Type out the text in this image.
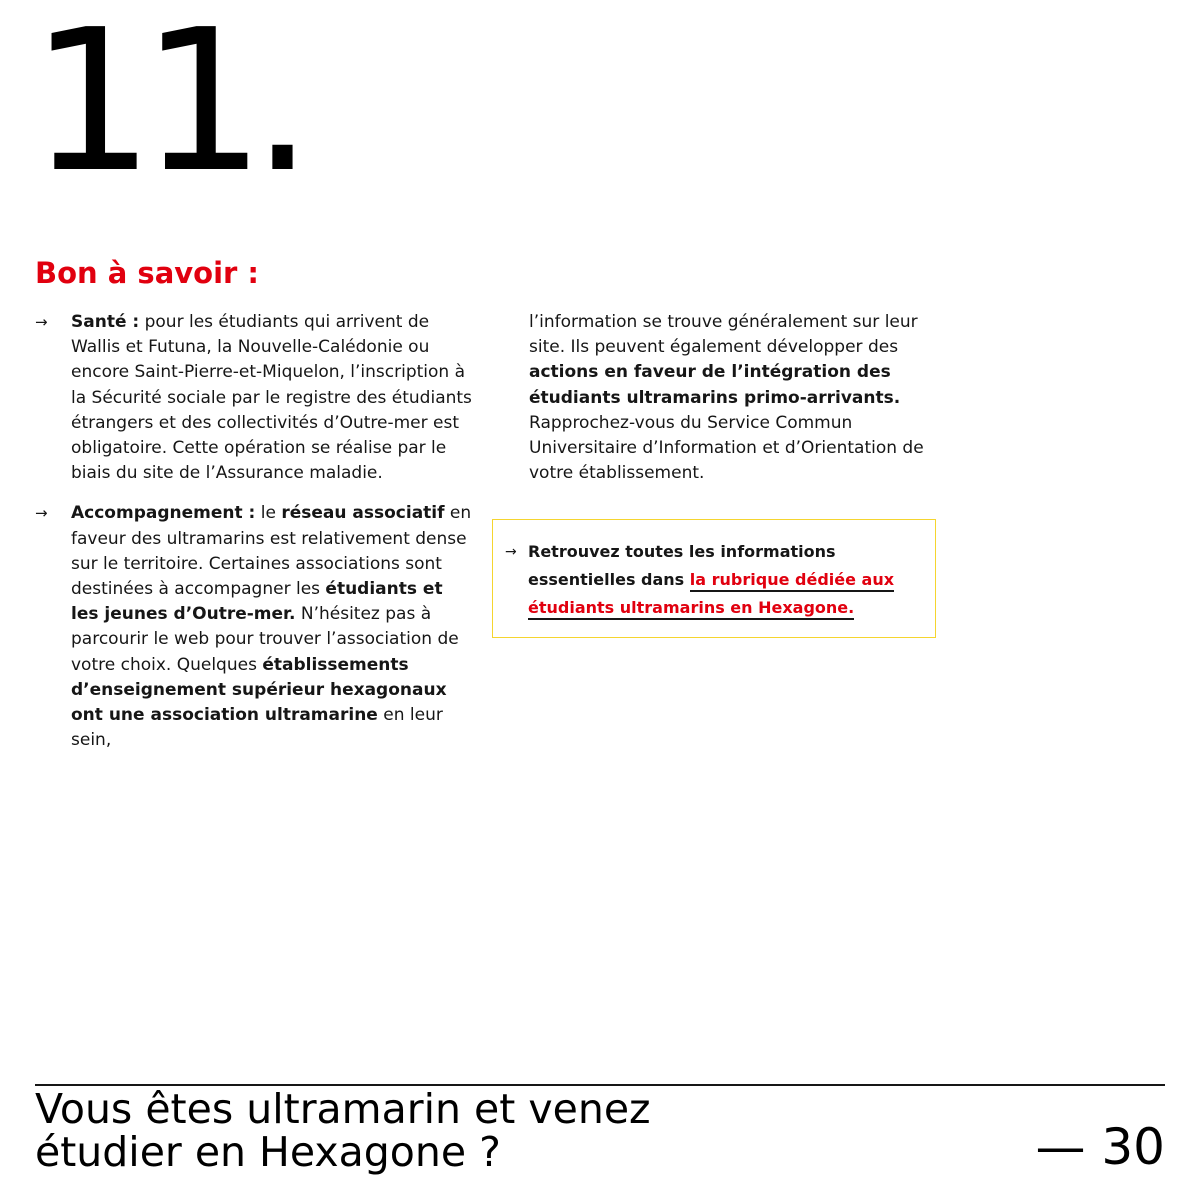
11.
Bon à savoir :
→ Santé : pour les étudiants qui arrivent de Wallis et Futuna, la Nouvelle-Calédonie ou encore Saint-Pierre-et-Miquelon, l’inscription à la Sécurité sociale par le registre des étudiants étrangers et des collectivités d’Outre-mer est obligatoire. Cette opération se réalise par le biais du site de l’Assurance maladie.

→ Accompagnement : le réseau associatif en faveur des ultramarins est relativement dense sur le territoire. Certaines associations sont destinées à accompagner les étudiants et les jeunes d’Outre-mer. N’hésitez pas à parcourir le web pour trouver l’association de votre choix. Quelques établissements d’enseignement supérieur hexagonaux ont une association ultramarine en leur sein,

l’information se trouve généralement sur leur site. Ils peuvent également développer des actions en faveur de l’intégration des étudiants ultramarins primo-arrivants. Rapprochez-vous du Service Commun Universitaire d’Information et d’Orientation de votre établissement.

→ Retrouvez toutes les informations essentielles dans la rubrique dédiée aux étudiants ultramarins en Hexagone.
Vous êtes ultramarin et venez
étudier en Hexagone ?	— 30
